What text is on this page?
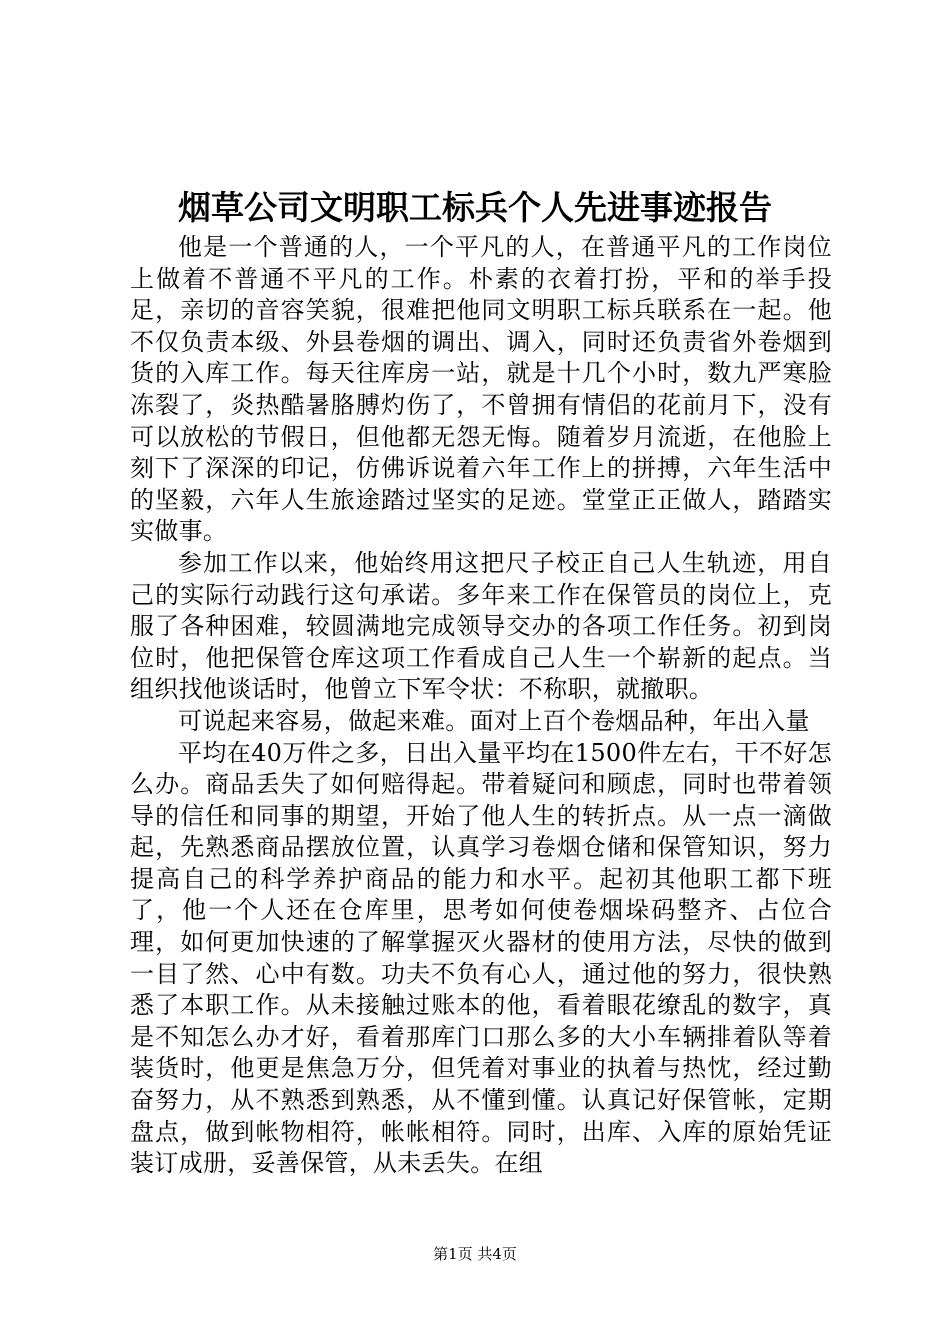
烟草公司文明职工标兵个人先进事迹报告

他是一个普通的人，一个平凡的人，在普通平凡的工作岗位上做着不普通不平凡的工作。朴素的衣着打扮，平和的举手投足，亲切的音容笑貌，很难把他同文明职工标兵联系在一起。他不仅负责本级、外县卷烟的调出、调入，同时还负责省外卷烟到货的入库工作。每天往库房一站，就是十几个小时，数九严寒脸冻裂了，炎热酷暑胳膊灼伤了，不曾拥有情侣的花前月下，没有可以放松的节假日，但他都无怨无悔。随着岁月流逝，在他脸上刻下了深深的印记，仿佛诉说着六年工作上的拼搏，六年生活中的坚毅，六年人生旅途踏过坚实的足迹。堂堂正正做人，踏踏实实做事。

参加工作以来，他始终用这把尺子校正自己人生轨迹，用自己的实际行动践行这句承诺。多年来工作在保管员的岗位上，克服了各种困难，较圆满地完成领导交办的各项工作任务。初到岗位时，他把保管仓库这项工作看成自己人生一个崭新的起点。当组织找他谈话时，他曾立下军令状：不称职，就撤职。

可说起来容易，做起来难。面对上百个卷烟品种，年出入量

平均在40万件之多，日出入量平均在1500件左右，干不好怎么办。商品丢失了如何赔得起。带着疑问和顾虑，同时也带着领导的信任和同事的期望，开始了他人生的转折点。从一点一滴做起，先熟悉商品摆放位置，认真学习卷烟仓储和保管知识，努力提高自己的科学养护商品的能力和水平。起初其他职工都下班了，他一个人还在仓库里，思考如何使卷烟垛码整齐、占位合理，如何更加快速的了解掌握灭火器材的使用方法，尽快的做到一目了然、心中有数。功夫不负有心人，通过他的努力，很快熟悉了本职工作。从未接触过账本的他，看着眼花缭乱的数字，真是不知怎么办才好，看着那库门口那么多的大小车辆排着队等着装货时，他更是焦急万分，但凭着对事业的执着与热忱，经过勤奋努力，从不熟悉到熟悉，从不懂到懂。认真记好保管帐，定期盘点，做到帐物相符，帐帐相符。同时，出库、入库的原始凭证装订成册，妥善保管，从未丢失。在组

第1页 共4页
